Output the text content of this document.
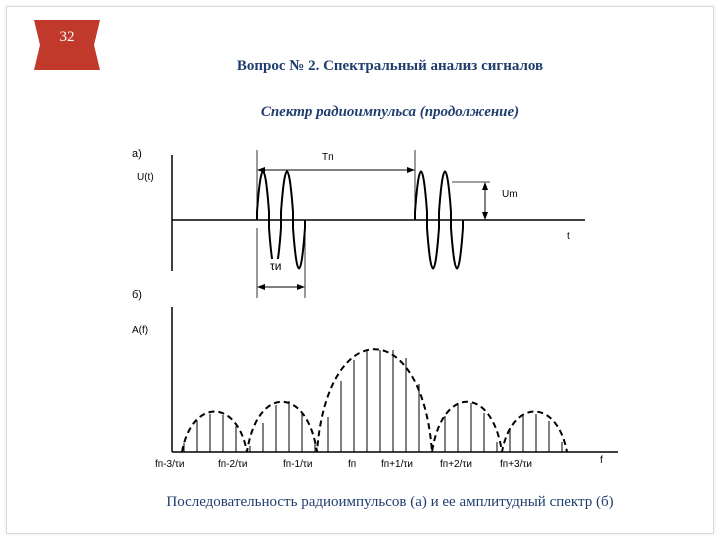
32
Вопрос № 2. Спектральный анализ сигналов
Спектр радиоимпульса (продолжение)
а)
U(t)
Tп
Um
t
τи
б)
A(f)
f
fп-3/τи	fп-2/τи	fп-1/τи	fп fп+1/τи	fп+2/τи	fп+3/τи
Последовательность радиоимпульсов (а) и ее амплитудный спектр (б)
